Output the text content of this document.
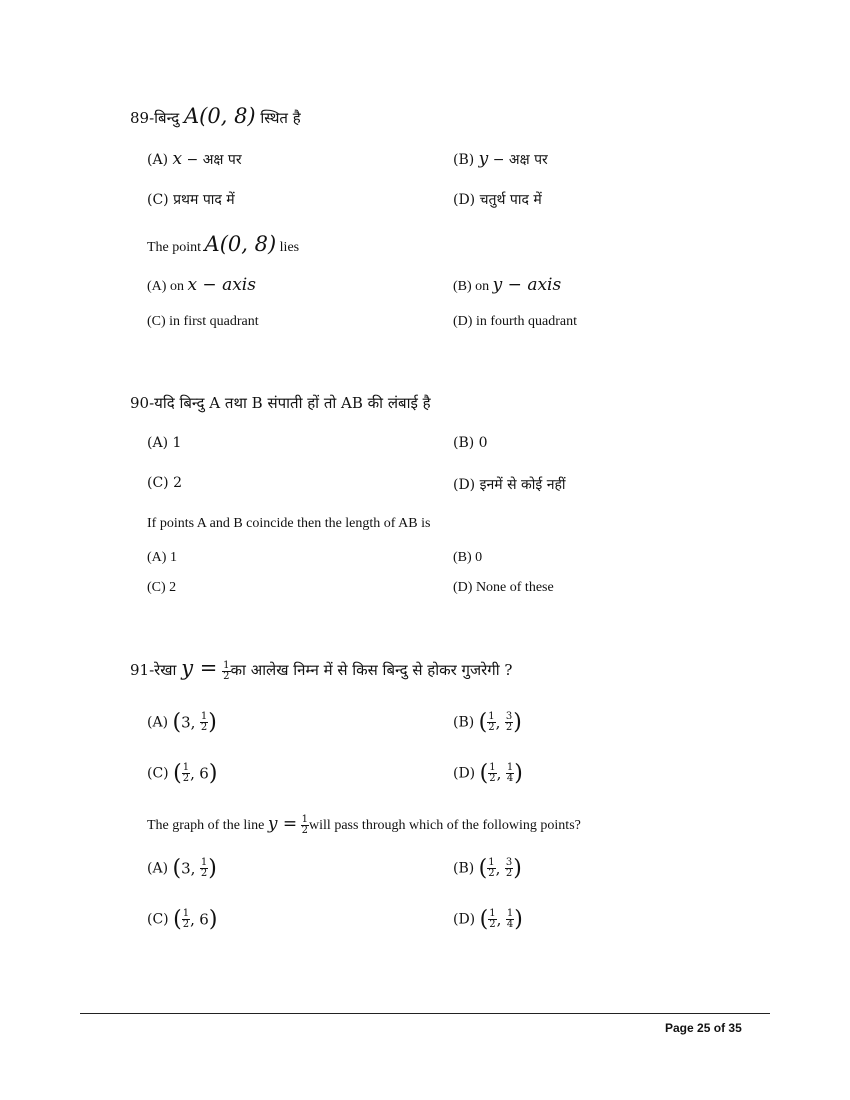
89-बिन्दु A(0, 8) स्थित है
(A) x − अक्ष पर	(B) y − अक्ष पर
(C) प्रथम पाद में	(D) चतुर्थ पाद में
The point A(0, 8) lies
(A) on x − axis	(B) on y − axis
(C) in first quadrant	(D) in fourth quadrant
90-यदि बिन्दु A तथा B संपाती हों तो AB की लंबाई है
(A) 1	(B) 0
(C) 2	(D) इनमें से कोई नहीं
If points A and B coincide then the length of AB is
(A) 1	(B) 0
(C) 2	(D) None of these
91-रेखा $y = \frac{1}{2}$ का आलेख निम्न में से किस बिन्दु से होकर गुजरेगी ?
(A) (3, $\frac{1}{2}$ )	(B) ( $\frac{1}{2}$ , $\frac{3}{2}$ )
(C) ( $\frac{1}{2}$ , 6)	(D) ( $\frac{1}{2}$ , $\frac{1}{4}$ )
The graph of the line $y = \frac{1}{2}$ will pass through which of the following points?
(A) (3, $\frac{1}{2}$ )	(B) ( $\frac{1}{2}$ , $\frac{3}{2}$ )
(C) ( $\frac{1}{2}$ , 6)	(D) ( $\frac{1}{2}$ , $\frac{1}{4}$ )
Page 25 of 35
